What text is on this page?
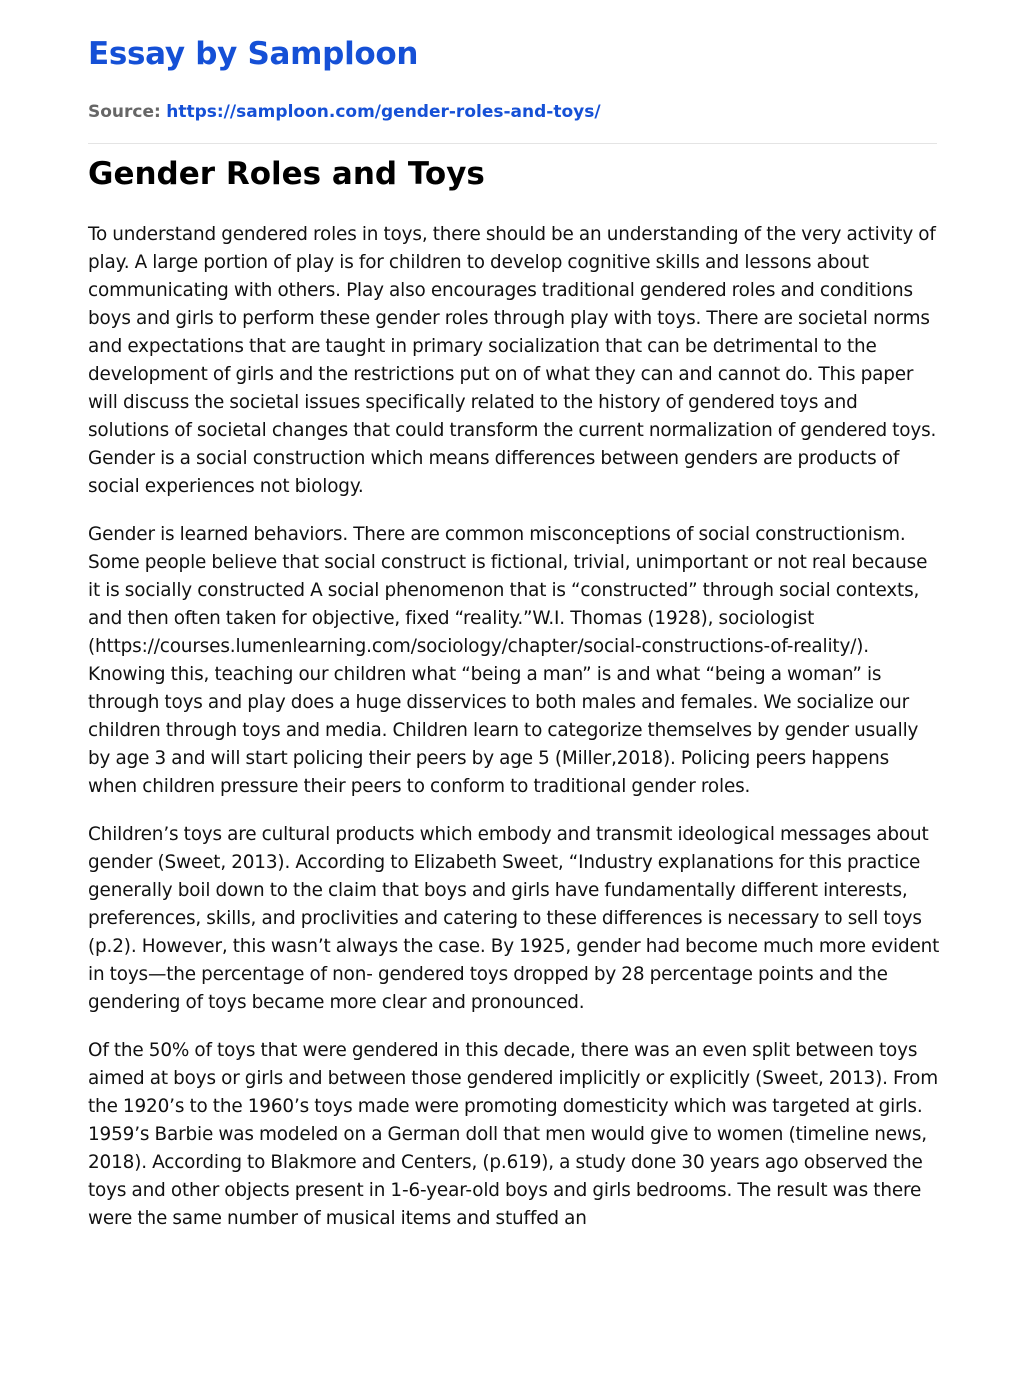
Essay by Samploon
Source: https://samploon.com/gender-roles-and-toys/
Gender Roles and Toys

To understand gendered roles in toys, there should be an understanding of the very activity of play. A large portion of play is for children to develop cognitive skills and lessons about communicating with others. Play also encourages traditional gendered roles and conditions boys and girls to perform these gender roles through play with toys. There are societal norms and expectations that are taught in primary socialization that can be detrimental to the development of girls and the restrictions put on of what they can and cannot do. This paper will discuss the societal issues specifically related to the history of gendered toys and solutions of societal changes that could transform the current normalization of gendered toys. Gender is a social construction which means differences between genders are products of social experiences not biology.

Gender is learned behaviors. There are common misconceptions of social constructionism. Some people believe that social construct is fictional, trivial, unimportant or not real because it is socially constructed A social phenomenon that is “constructed” through social contexts, and then often taken for objective, fixed “reality.”W.I. Thomas (1928), sociologist (https://courses.lumenlearning.com/sociology/chapter/social-constructions-of-reality/). Knowing this, teaching our children what “being a man” is and what “being a woman” is through toys and play does a huge disservices to both males and females. We socialize our children through toys and media. Children learn to categorize themselves by gender usually by age 3 and will start policing their peers by age 5 (Miller,2018). Policing peers happens when children pressure their peers to conform to traditional gender roles.

Children’s toys are cultural products which embody and transmit ideological messages about gender (Sweet, 2013). According to Elizabeth Sweet, “Industry explanations for this practice generally boil down to the claim that boys and girls have fundamentally different interests, preferences, skills, and proclivities and catering to these differences is necessary to sell toys (p.2). However, this wasn’t always the case. By 1925, gender had become much more evident in toys—the percentage of non- gendered toys dropped by 28 percentage points and the gendering of toys became more clear and pronounced.

Of the 50% of toys that were gendered in this decade, there was an even split between toys aimed at boys or girls and between those gendered implicitly or explicitly (Sweet, 2013). From the 1920’s to the 1960’s toys made were promoting domesticity which was targeted at girls. 1959’s Barbie was modeled on a German doll that men would give to women (timeline news, 2018). According to Blakmore and Centers, (p.619), a study done 30 years ago observed the toys and other objects present in 1-6-year-old boys and girls bedrooms. The result was there were the same number of musical items and stuffed an
